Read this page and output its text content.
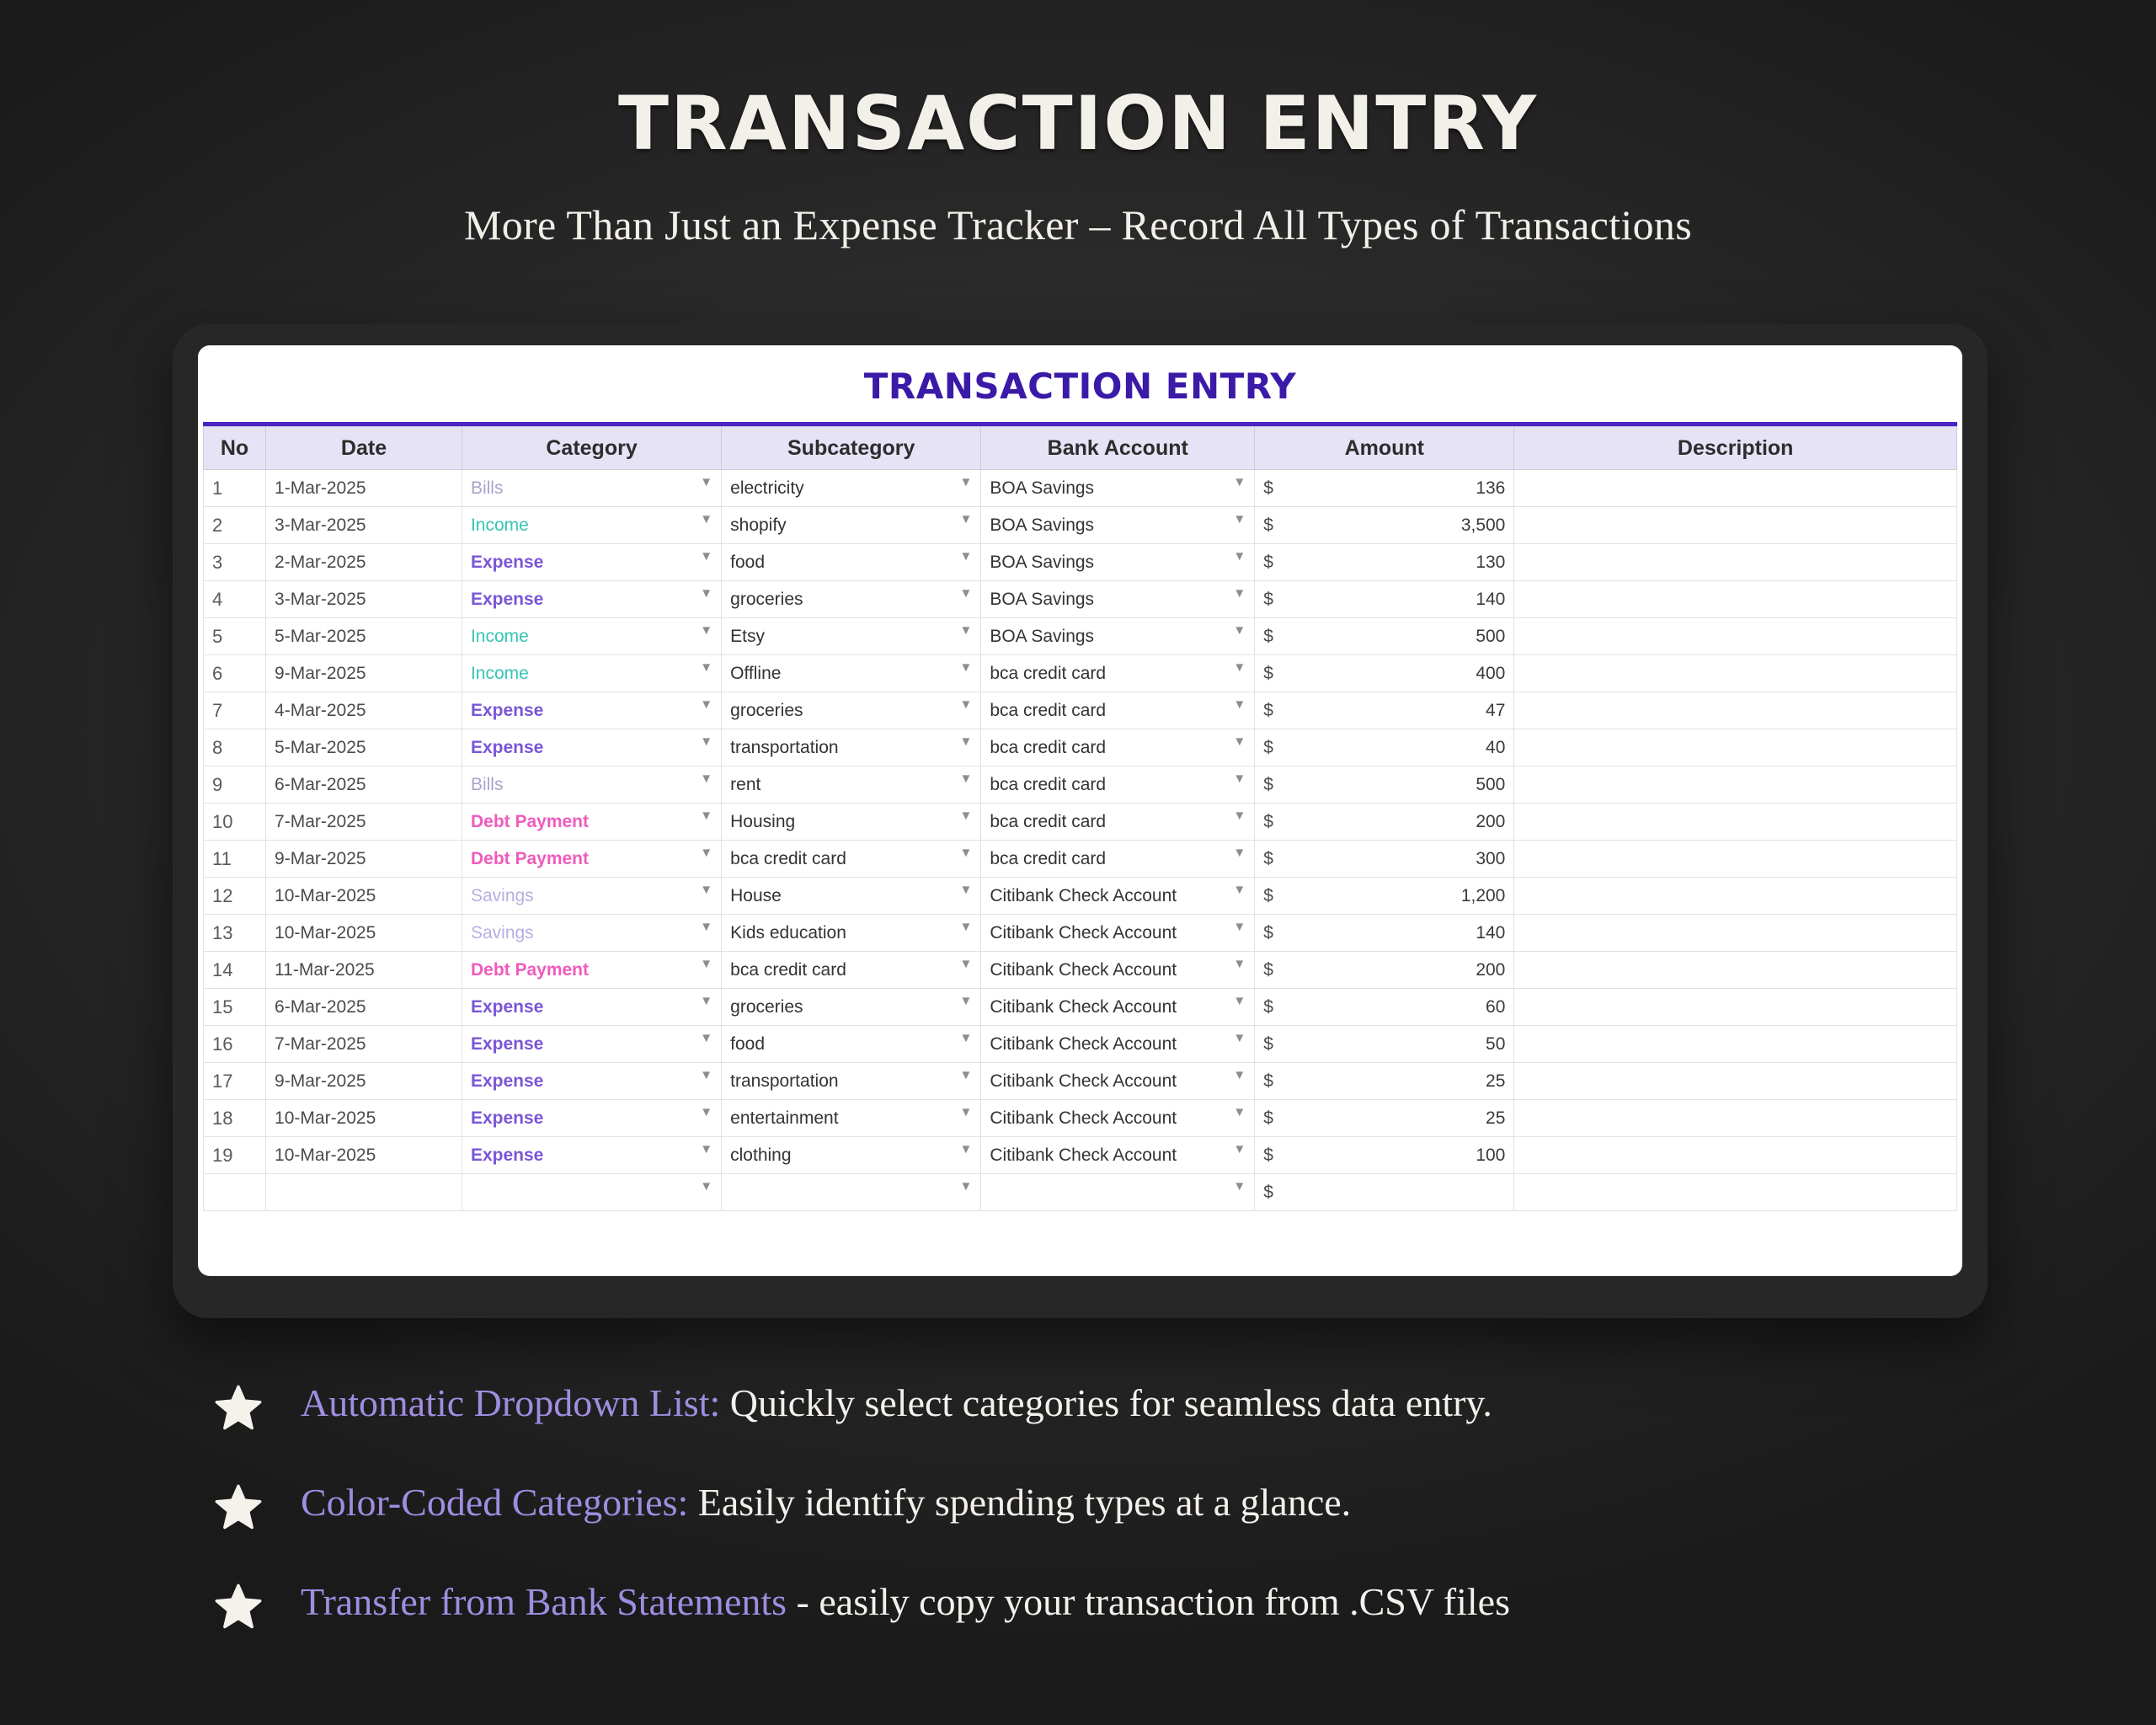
TRANSACTION ENTRY

More Than Just an Expense Tracker – Record All Types of Transactions

TRANSACTION ENTRY
No	Date	Category	Subcategory	Bank Account	Amount	Description
1	1-Mar-2025	Bills ▼	electricity ▼	BOA Savings ▼	$ 136	

2	3-Mar-2025	Income ▼	shopify ▼	BOA Savings ▼	$ 3,500	

3	2-Mar-2025	Expense ▼	food ▼	BOA Savings ▼	$ 130	

4	3-Mar-2025	Expense ▼	groceries ▼	BOA Savings ▼	$ 140	

5	5-Mar-2025	Income ▼	Etsy ▼	BOA Savings ▼	$ 500	

6	9-Mar-2025	Income ▼	Offline ▼	bca credit card ▼	$ 400	

7	4-Mar-2025	Expense ▼	groceries ▼	bca credit card ▼	$ 47	

8	5-Mar-2025	Expense ▼	transportation ▼	bca credit card ▼	$ 40	

9	6-Mar-2025	Bills ▼	rent ▼	bca credit card ▼	$ 500	

10	7-Mar-2025	Debt Payment ▼	Housing ▼	bca credit card ▼	$ 200	

11	9-Mar-2025	Debt Payment ▼	bca credit card ▼	bca credit card ▼	$ 300	

12	10-Mar-2025	Savings ▼	House ▼	Citibank Check Account ▼	$ 1,200	

13	10-Mar-2025	Savings ▼	Kids education ▼	Citibank Check Account ▼	$ 140	

14	11-Mar-2025	Debt Payment ▼	bca credit card ▼	Citibank Check Account ▼	$ 200	

15	6-Mar-2025	Expense ▼	groceries ▼	Citibank Check Account ▼	$ 60	

16	7-Mar-2025	Expense ▼	food ▼	Citibank Check Account ▼	$ 50	

17	9-Mar-2025	Expense ▼	transportation ▼	Citibank Check Account ▼	$ 25	

18	10-Mar-2025	Expense ▼	entertainment ▼	Citibank Check Account ▼	$ 25	

19	10-Mar-2025	Expense ▼	clothing ▼	Citibank Check Account ▼	$ 100	

		▼	▼	▼	$	

Automatic Dropdown List: Quickly select categories for seamless data entry.
Color-Coded Categories: Easily identify spending types at a glance.
Transfer from Bank Statements - easily copy your transaction from .CSV files
